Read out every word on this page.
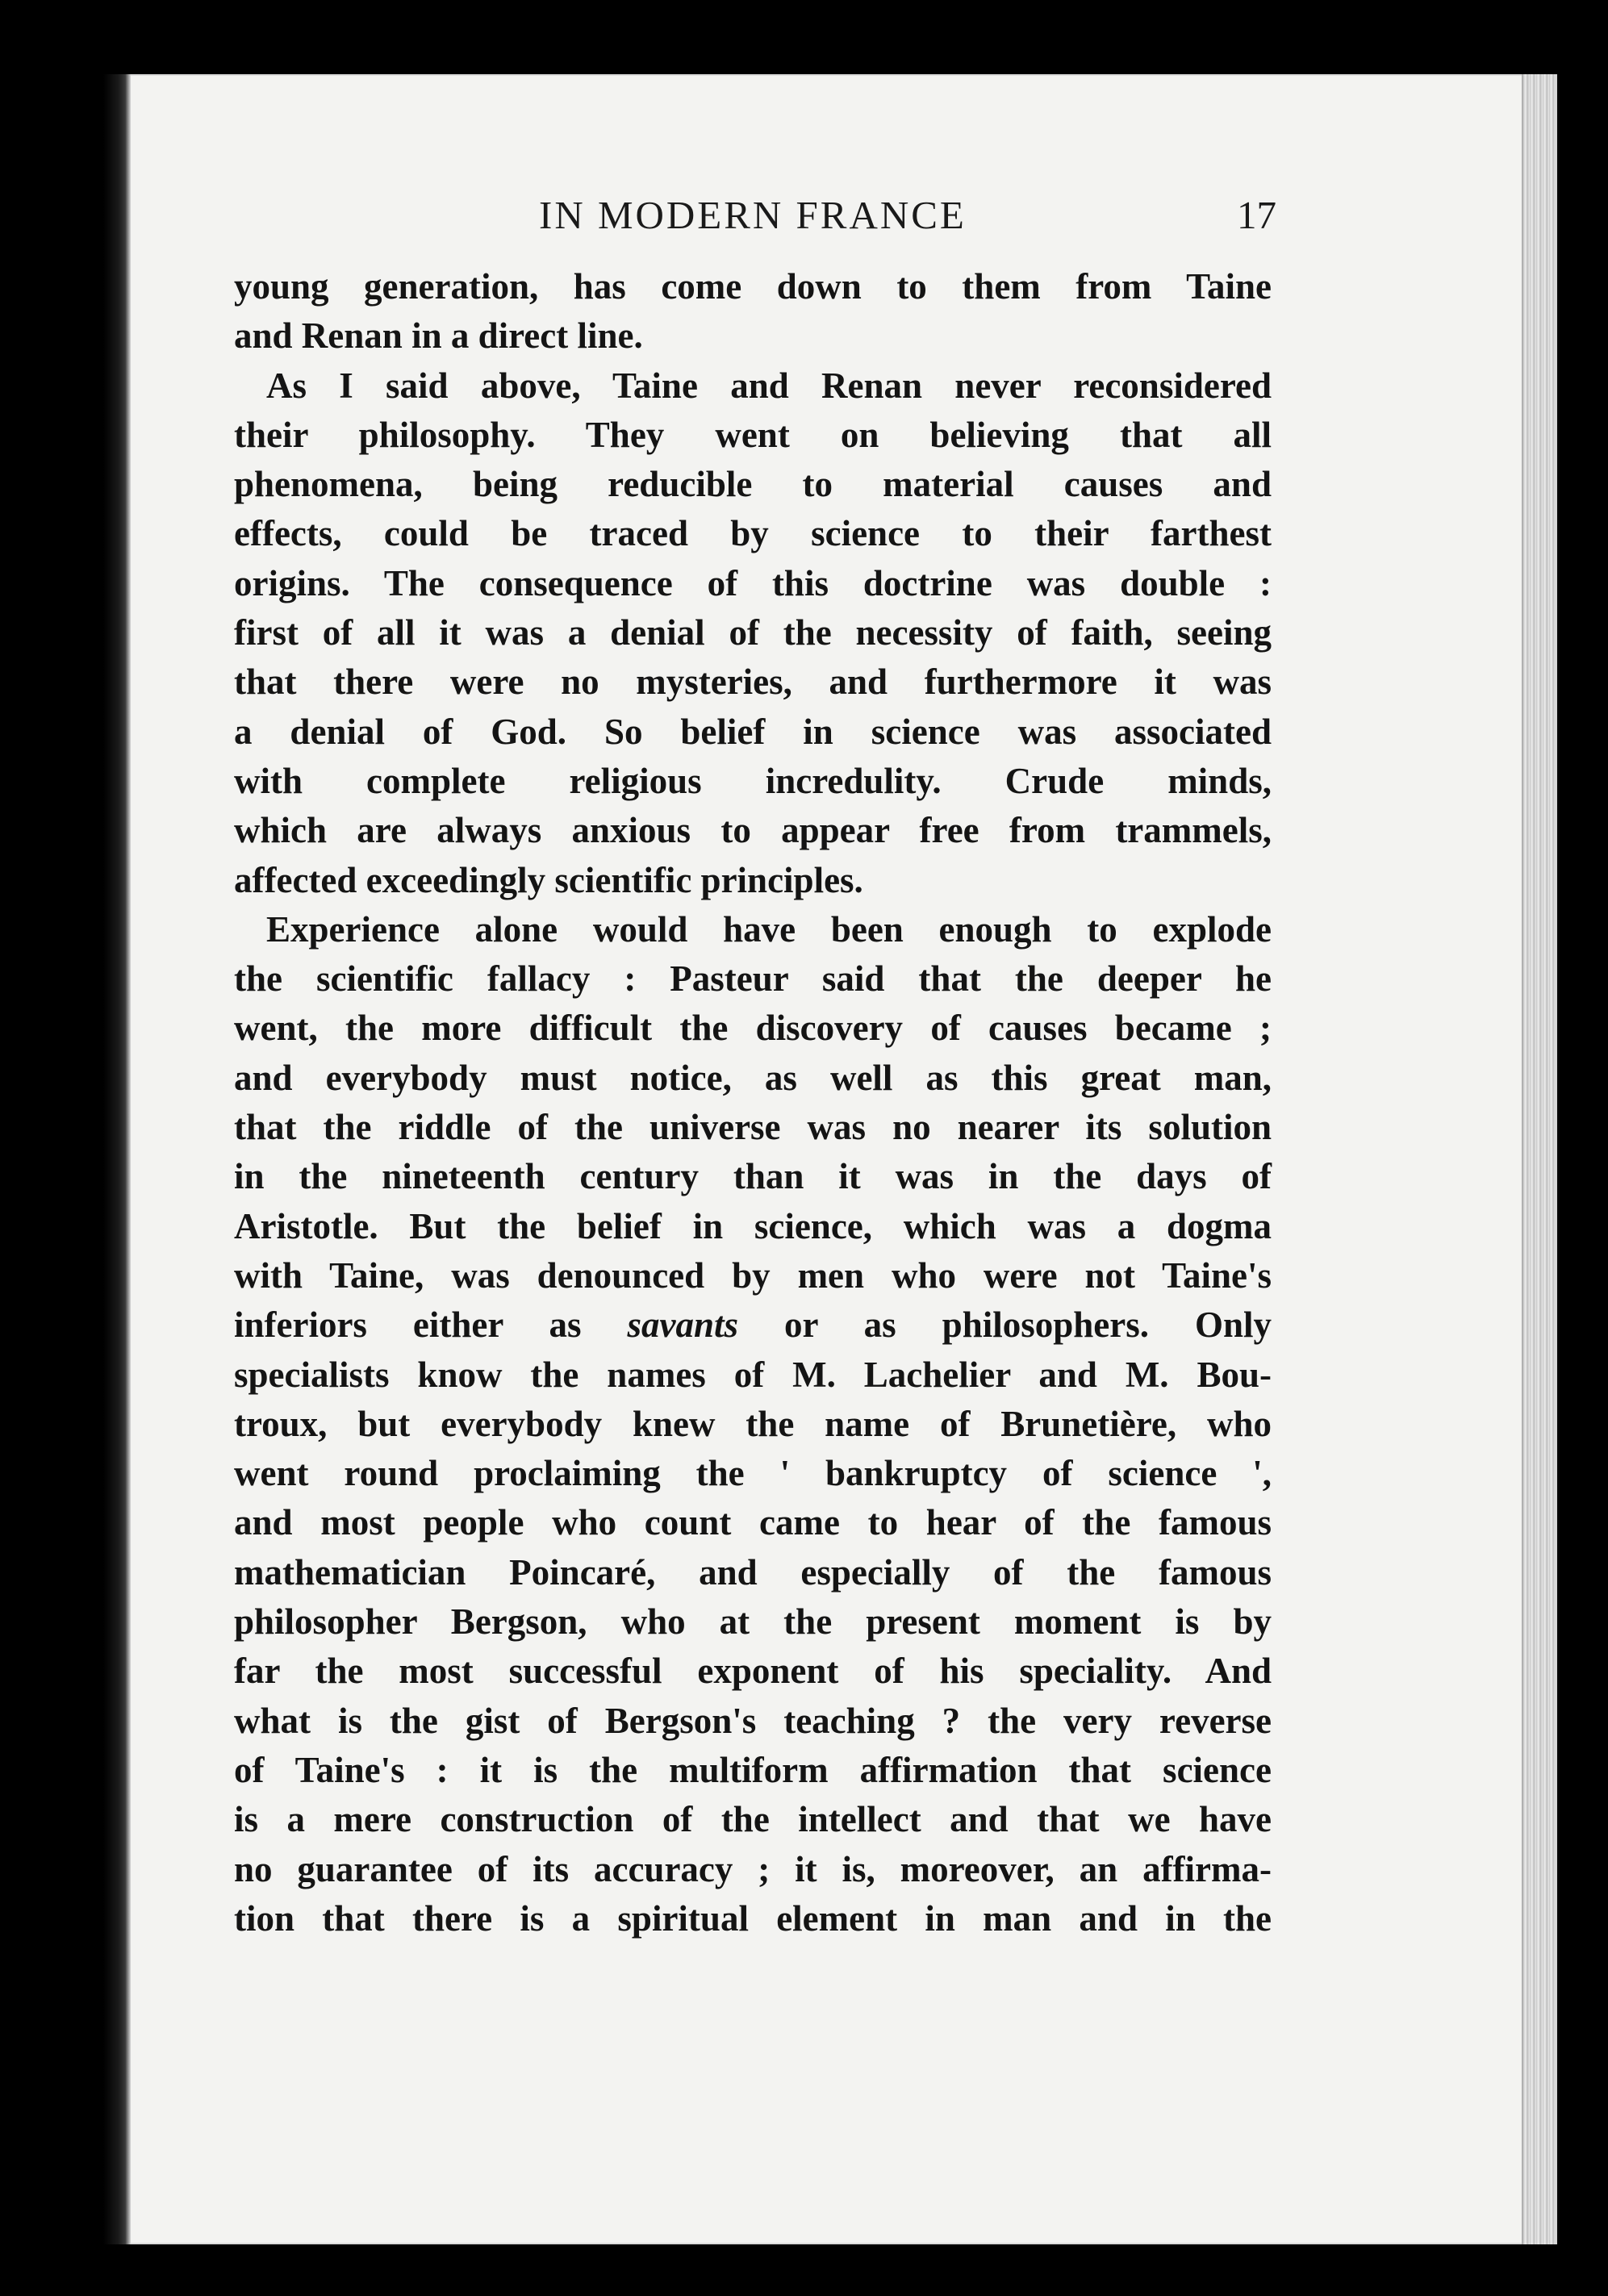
IN MODERN FRANCE	17
young generation, has come down to them from Taine
and Renan in a direct line.
As I said above, Taine and Renan never reconsidered
their philosophy. They went on believing that all
phenomena, being reducible to material causes and
effects, could be traced by science to their farthest
origins. The consequence of this doctrine was double :
first of all it was a denial of the necessity of faith, seeing
that there were no mysteries, and furthermore it was
a denial of God. So belief in science was associated
with complete religious incredulity. Crude minds,
which are always anxious to appear free from trammels,
affected exceedingly scientific principles.
Experience alone would have been enough to explode
the scientific fallacy : Pasteur said that the deeper he
went, the more difficult the discovery of causes became ;
and everybody must notice, as well as this great man,
that the riddle of the universe was no nearer its solution
in the nineteenth century than it was in the days of
Aristotle. But the belief in science, which was a dogma
with Taine, was denounced by men who were not Taine's
inferiors either as savants or as philosophers. Only
specialists know the names of M. Lachelier and M. Bou-
troux, but everybody knew the name of Brunetière, who
went round proclaiming the ' bankruptcy of science ',
and most people who count came to hear of the famous
mathematician Poincaré, and especially of the famous
philosopher Bergson, who at the present moment is by
far the most successful exponent of his speciality. And
what is the gist of Bergson's teaching ? the very reverse
of Taine's : it is the multiform affirmation that science
is a mere construction of the intellect and that we have
no guarantee of its accuracy ; it is, moreover, an affirma-
tion that there is a spiritual element in man and in the
